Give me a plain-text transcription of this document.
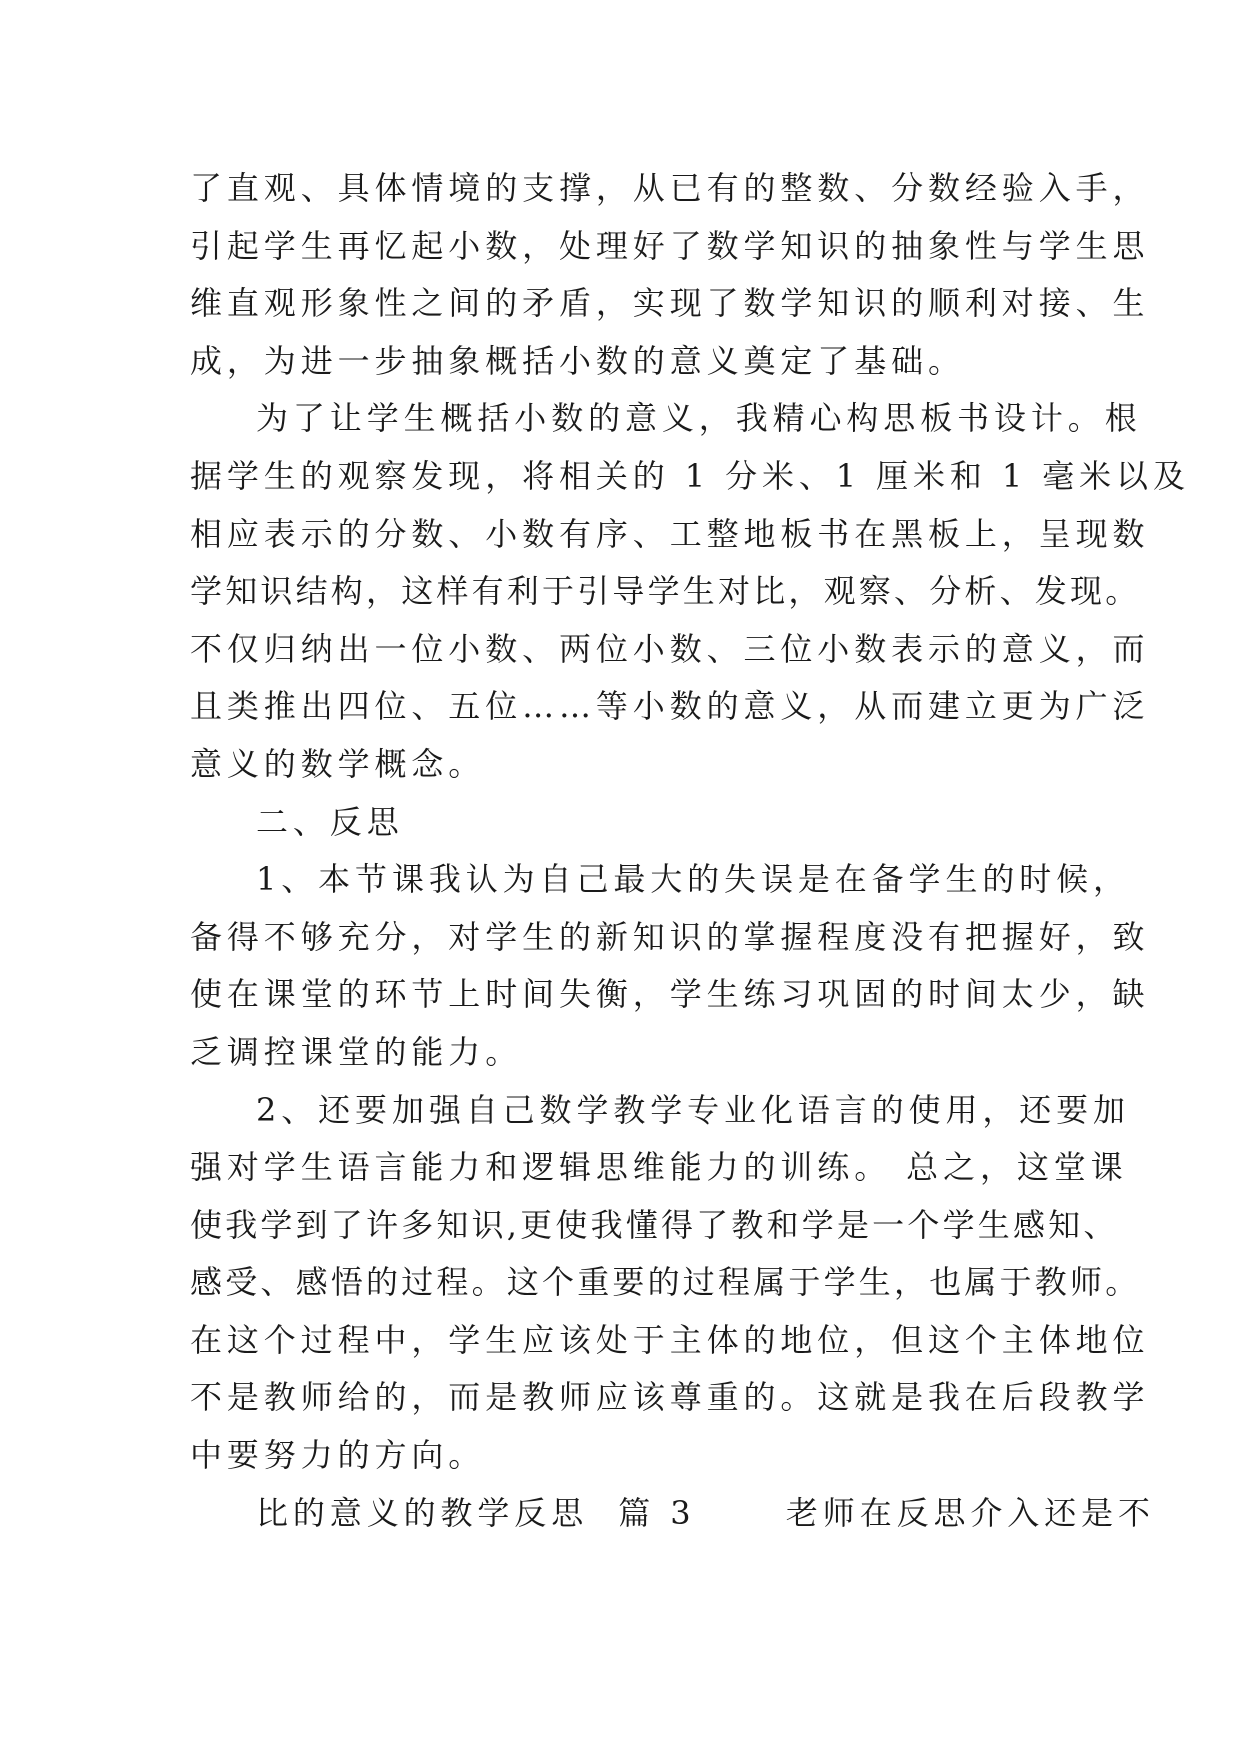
了直观、具体情境的支撑，从已有的整数、分数经验入手，
引起学生再忆起小数，处理好了数学知识的抽象性与学生思
维直观形象性之间的矛盾，实现了数学知识的顺利对接、生
成，为进一步抽象概括小数的意义奠定了基础。
为了让学生概括小数的意义，我精心构思板书设计。根
据学生的观察发现，将相关的 1 分米、1 厘米和 1 毫米以及
相应表示的分数、小数有序、工整地板书在黑板上，呈现数
学知识结构，这样有利于引导学生对比，观察、分析、发现。
不仅归纳出一位小数、两位小数、三位小数表示的意义，而
且类推出四位、五位……等小数的意义，从而建立更为广泛
意义的数学概念。
二、反思
1、本节课我认为自己最大的失误是在备学生的时候，
备得不够充分，对学生的新知识的掌握程度没有把握好，致
使在课堂的环节上时间失衡，学生练习巩固的时间太少，缺
乏调控课堂的能力。
2、还要加强自己数学教学专业化语言的使用，还要加
强对学生语言能力和逻辑思维能力的训练。 总之，这堂课
使我学到了许多知识,更使我懂得了教和学是一个学生感知、
感受、感悟的过程。这个重要的过程属于学生，也属于教师。
在这个过程中，学生应该处于主体的地位，但这个主体地位
不是教师给的，而是教师应该尊重的。这就是我在后段教学
中要努力的方向。
比的意义的教学反思  篇 3      老师在反思介入还是不
